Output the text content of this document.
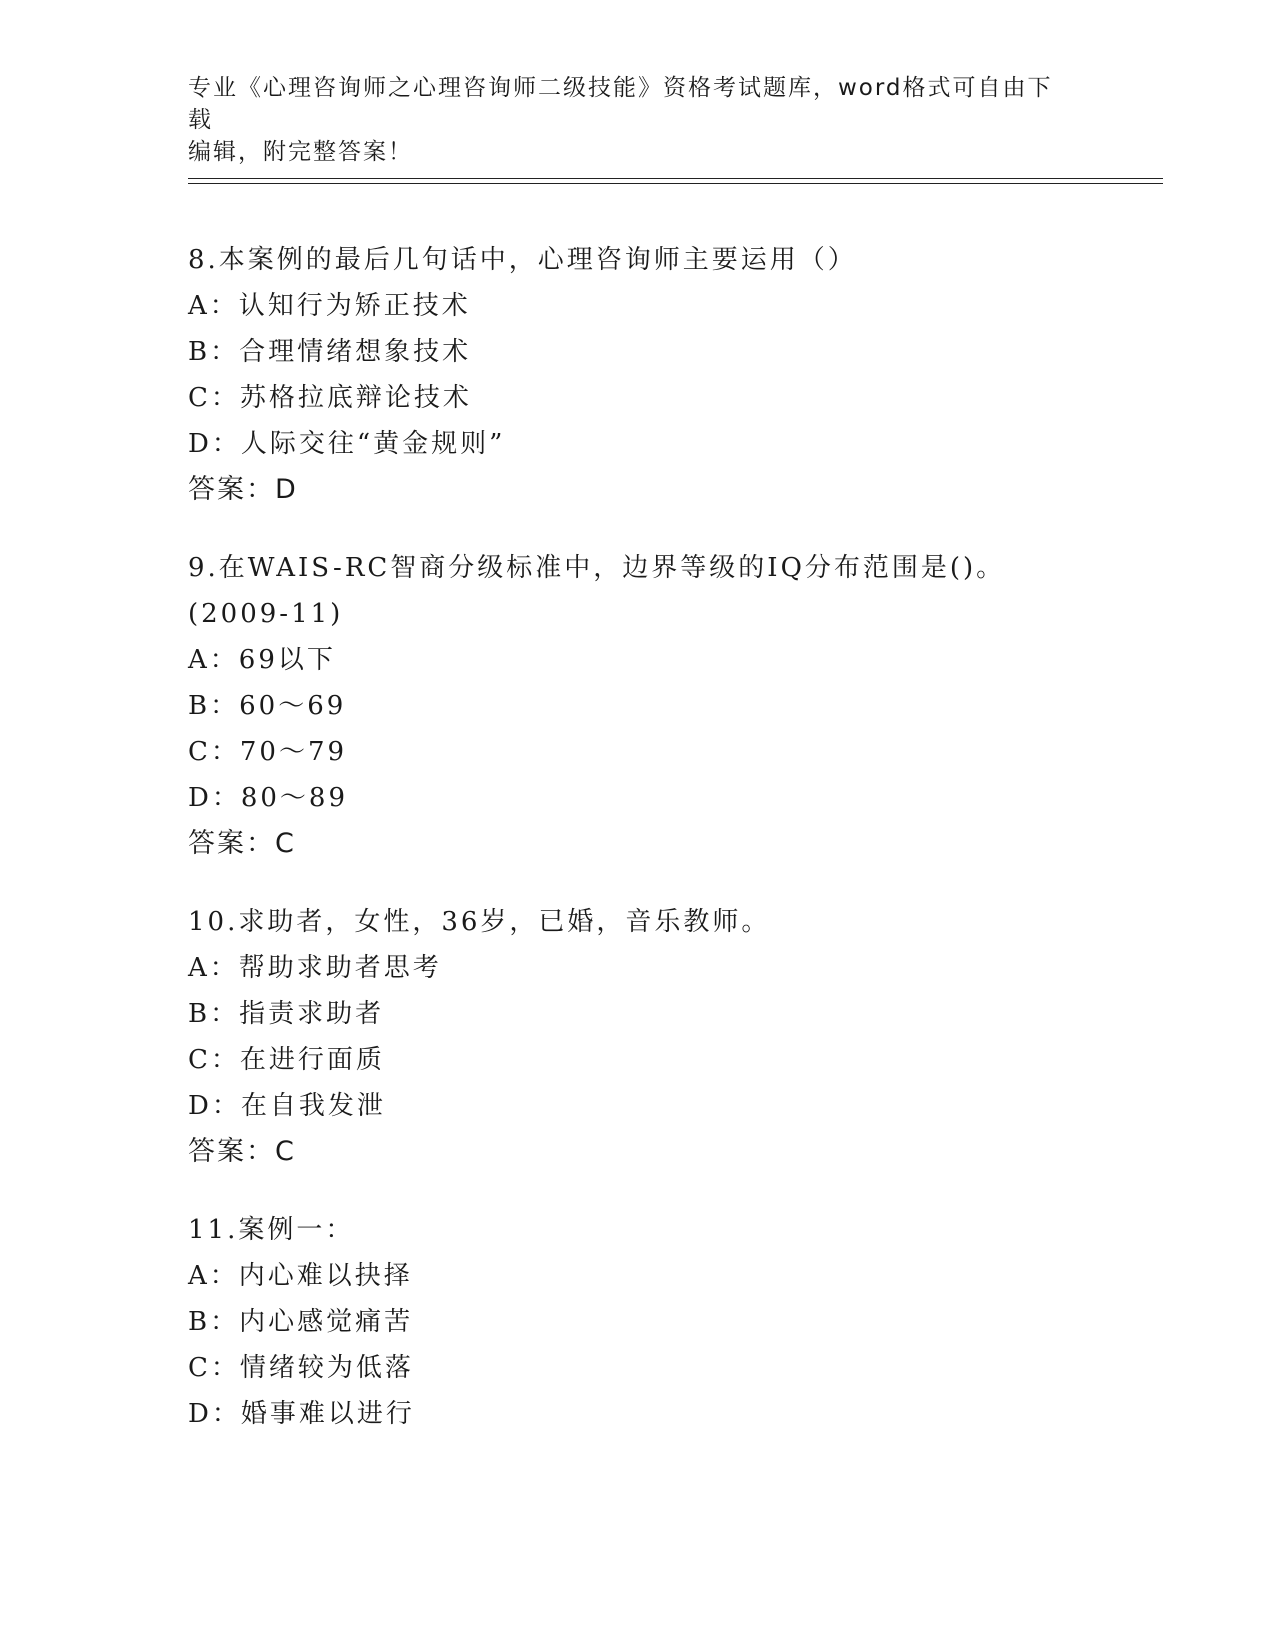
专业《心理咨询师之心理咨询师二级技能》资格考试题库，word格式可自由下载
编辑，附完整答案！
8.本案例的最后几句话中，心理咨询师主要运用（）
A：认知行为矫正技术
B：合理情绪想象技术
C：苏格拉底辩论技术
D：人际交往“黄金规则”
答案：D
9.在WAIS-RC智商分级标准中，边界等级的IQ分布范围是()。(2009-11)
A：69以下
B：60～69
C：70～79
D：80～89
答案：C
10.求助者，女性，36岁，已婚，音乐教师。
A：帮助求助者思考
B：指责求助者
C：在进行面质
D：在自我发泄
答案：C
11.案例一：
A：内心难以抉择
B：内心感觉痛苦
C：情绪较为低落
D：婚事难以进行
